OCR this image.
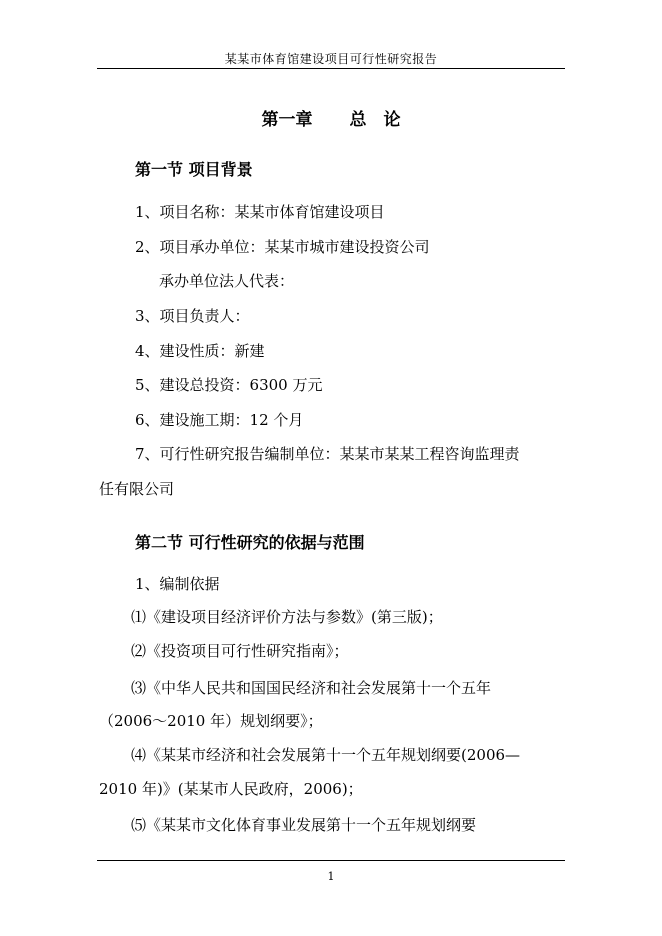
某某市体育馆建设项目可行性研究报告
第一章　 总　论
第一节 项目背景
1、项目名称：某某市体育馆建设项目
2、项目承办单位：某某市城市建设投资公司
承办单位法人代表：
3、项目负责人：
4、建设性质：新建
5、建设总投资：6300 万元
6、建设施工期：12 个月
7、可行性研究报告编制单位：某某市某某工程咨询监理责
任有限公司
第二节 可行性研究的依据与范围
1、编制依据
⑴《建设项目经济评价方法与参数》(第三版)；
⑵《投资项目可行性研究指南》；
⑶《中华人民共和国国民经济和社会发展第十一个五年
（2006～2010 年）规划纲要》；
⑷《某某市经济和社会发展第十一个五年规划纲要(2006—
2010 年)》(某某市人民政府，2006)；
⑸《某某市文化体育事业发展第十一个五年规划纲要
1
